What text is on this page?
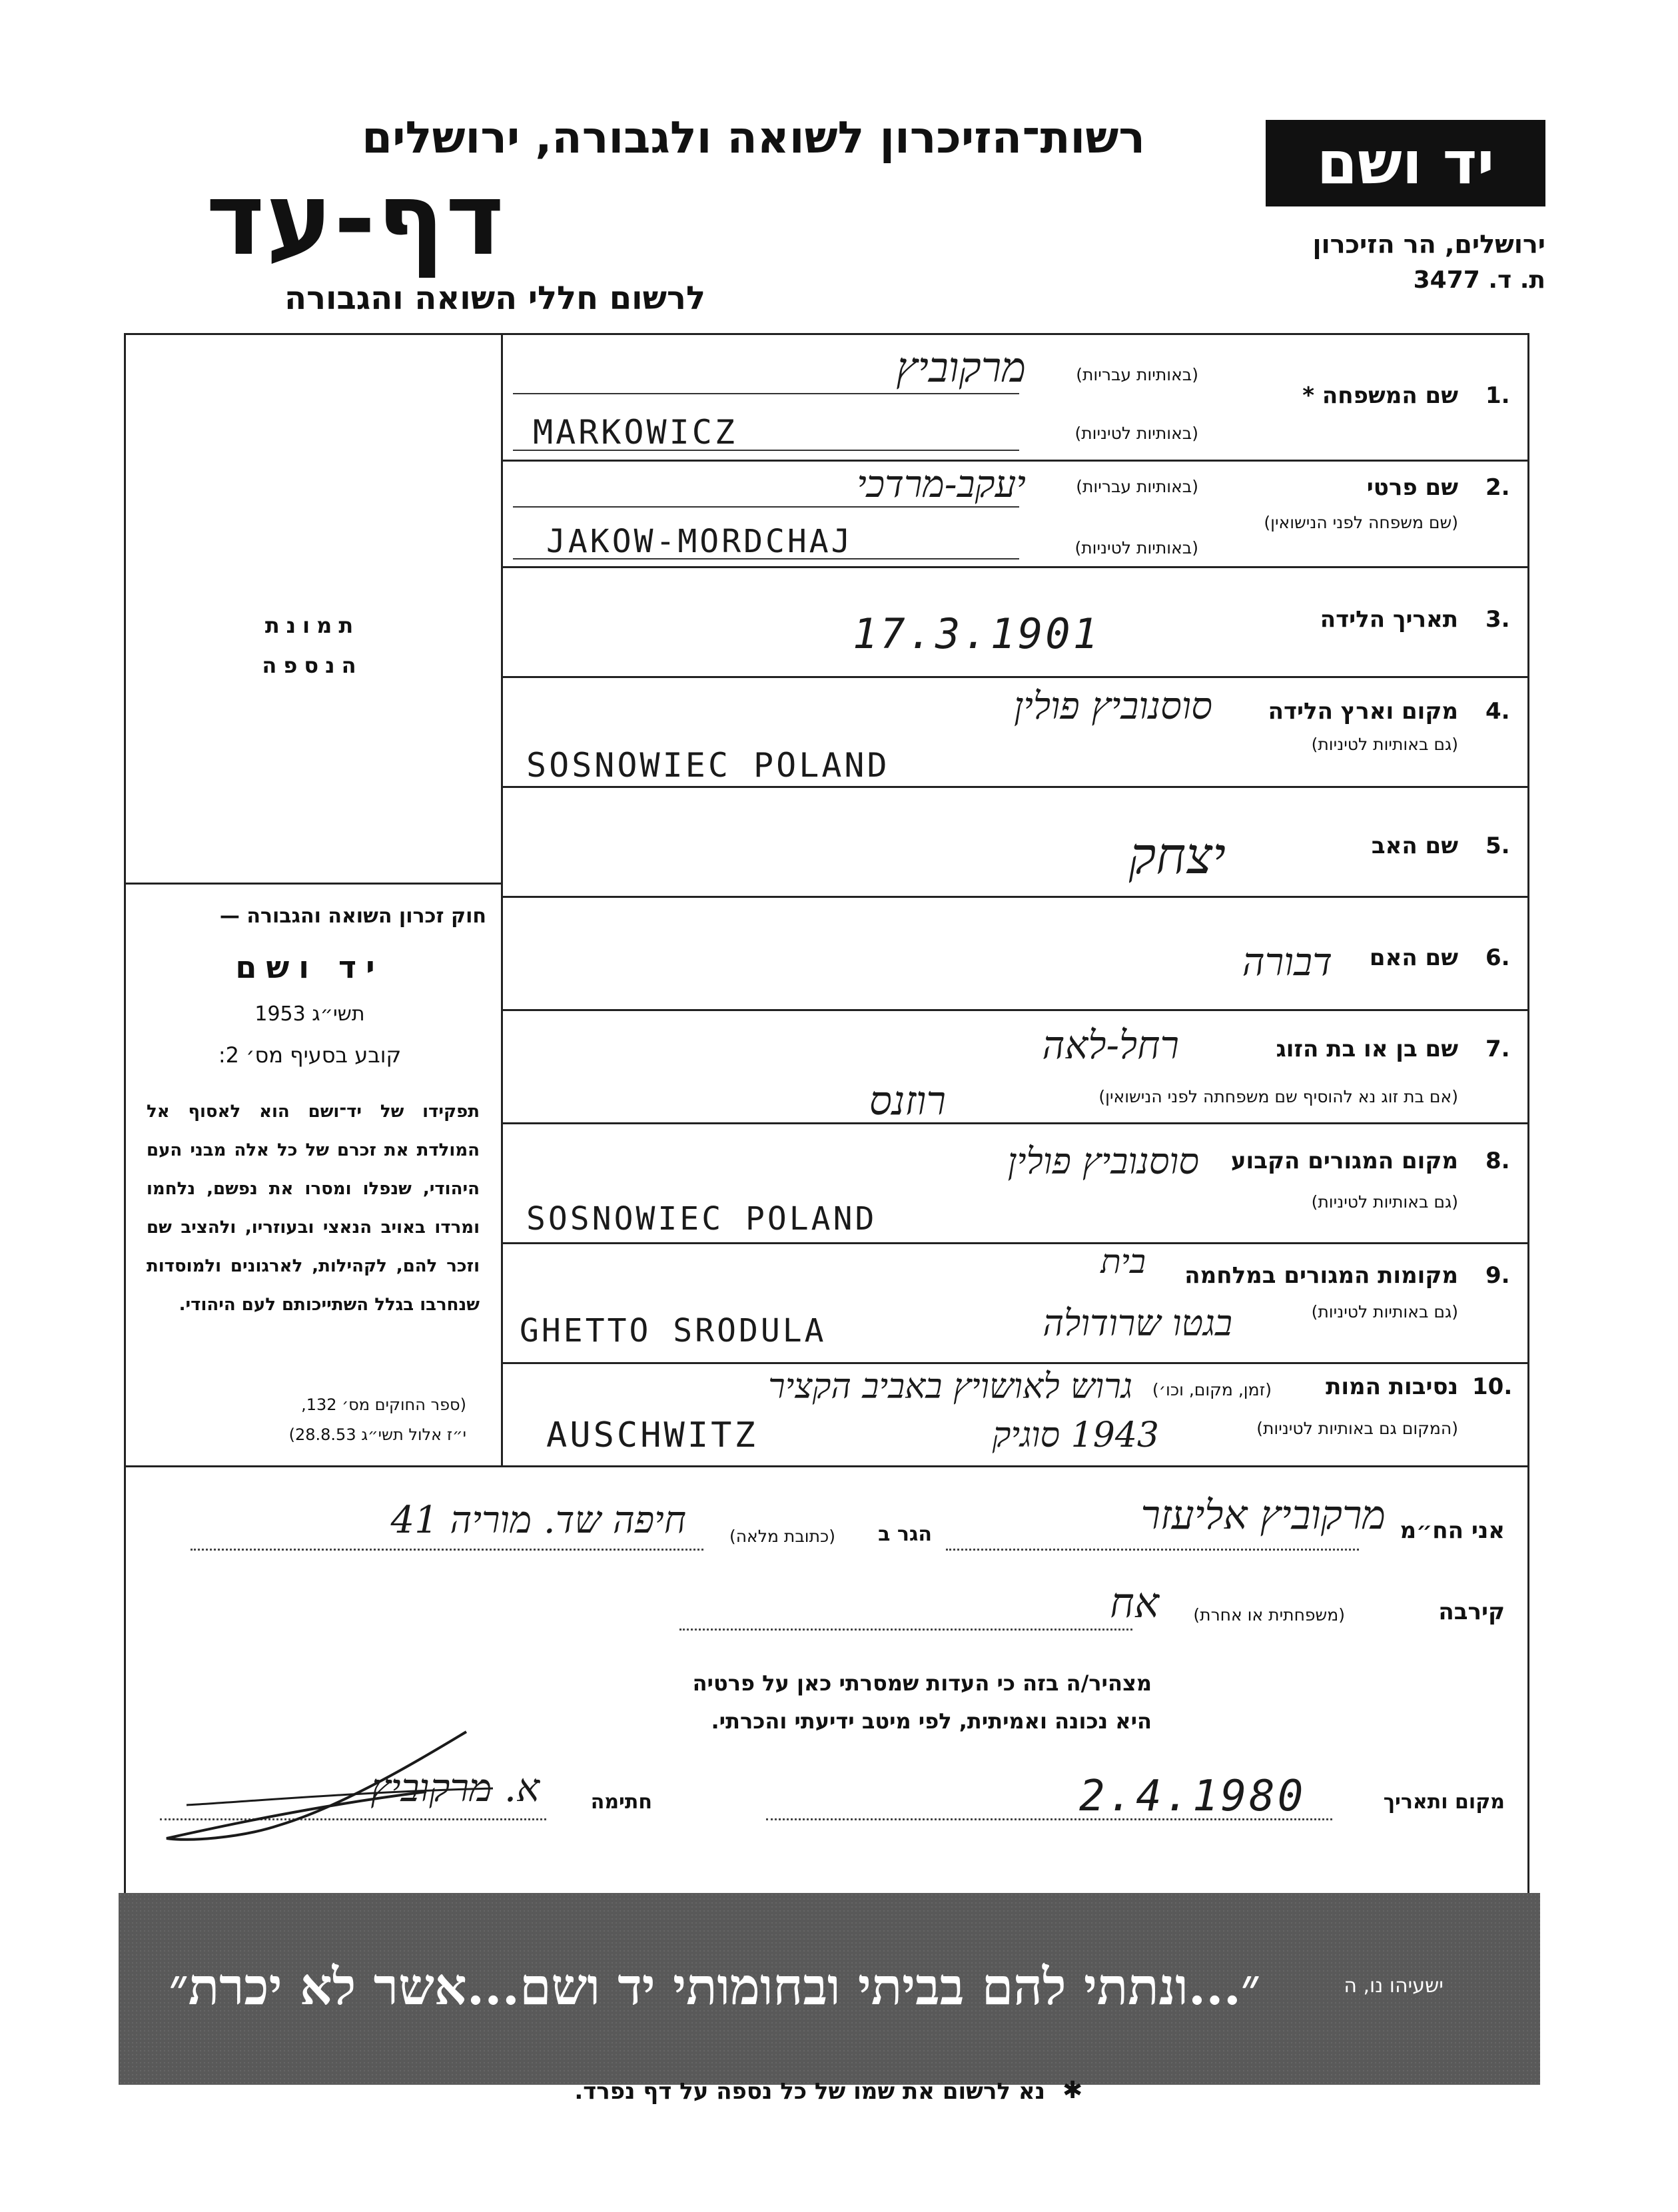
רשות־הזיכרון לשואה ולגבורה, ירושלים
דף-עד
לרשום חללי השואה והגבורה
יד ושם
ירושלים, הר הזיכרון
ת. ד. 3477
תמונת
הנספה
חוק זכרון השואה והגבורה —
יד ושם
תשי״ג 1953
קובע בסעיף מס׳ 2:
תפקידו של יד־ושם הוא לאסוף אל המולדת את זכרם של כל אלה מבני העם היהודי, שנפלו ומסרו את נפשם, נלחמו ומרדו באויב הנאצי ובעוזריו, ולהציב שם וזכר להם, לקהילות, לארגונים ולמוסדות שנחרבו בגלל השתייכותם לעם היהודי.
(ספר החוקים מס׳ 132,
י״ז אלול תשי״ג 28.8.53)
1.
שם המשפחה *
(באותיות עבריות)
(באותיות לטיניות)
מרקוביץ
MARKOWICZ
2.
שם פרטי
(שם משפחה לפני הנישואין)
(באותיות עבריות)
(באותיות לטיניות)
יעקב-מרדכי
JAKOW-MORDCHAJ
3.
תאריך הלידה
17.3.1901
4.
מקום וארץ הלידה
(גם באותיות לטיניות)
סוסנוביץ פולין
SOSNOWIEC POLAND
5.
שם האב
יצחק
6.
שם האם
דבורה
7.
שם בן או בת הזוג
(אם בת זוג נא להוסיף שם משפחתה לפני הנישואין)
רחל-לאה
רוזנס
8.
מקום המגורים הקבוע
(גם באותיות לטיניות)
סוסנוביץ פולין
SOSNOWIEC POLAND
9.
מקומות המגורים במלחמה
(גם באותיות לטיניות)
בית
בגטו שרודולה
GHETTO SRODULA
10.
נסיבות המות
(זמן, מקום, וכו׳)
(המקום גם באותיות לטיניות)
גרוש לאושויץ באביב הקציר
AUSCHWITZ	1943 סוגיק
אני הח״מ
מרקוביץ אליעזר
הגר ב
(כתובת מלאה)
חיפה שד. מוריה 41
קירבה
(משפחתית או אחרת)
אח
מצהיר/ה בזה כי העדות שמסרתי כאן על פרטיה
היא נכונה ואמיתית, לפי מיטב ידיעתי והכרתי.
מקום ותאריך
2.4.1980
חתימה
א. מרקוביץ
״...ונתתי להם בביתי ובחומותי יד ושם...אשר לא יכרת״	ישעיהו נו, ה
✱
נא לרשום את שמו של כל נספה על דף נפרד.
